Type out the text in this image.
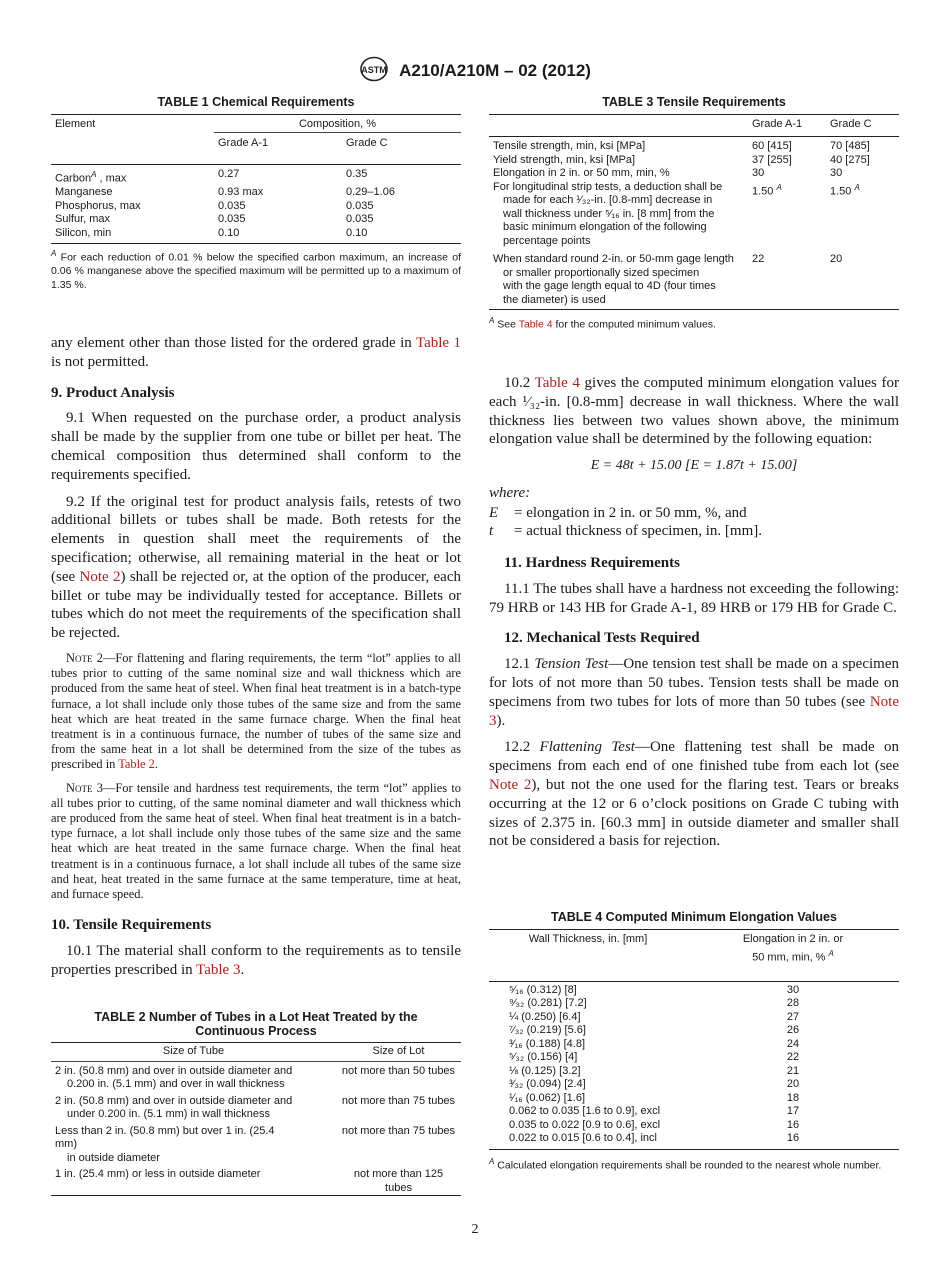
ASTM A210/A210M – 02 (2012)
TABLE 1 Chemical Requirements
Element	Composition, %	
	Grade A-1	Grade C

Carbon$^A$ , max	0.27	0.35
Manganese	0.93 max	0.29–1.06
Phosphorus, max	0.035	0.035
Sulfur, max	0.035	0.035
Silicon, min	0.10	0.10

$^A$ For each reduction of 0.01 % below the specified carbon maximum, an increase of 0.06 % manganese above the specified maximum will be permitted up to a maximum of 1.35 %.

any element other than those listed for the ordered grade in Table 1 is not permitted.

9. Product Analysis

9.1 When requested on the purchase order, a product analysis shall be made by the supplier from one tube or billet per heat. The chemical composition thus determined shall conform to the requirements specified.

9.2 If the original test for product analysis fails, retests of two additional billets or tubes shall be made. Both retests for the elements in question shall meet the requirements of the specification; otherwise, all remaining material in the heat or lot (see Note 2) shall be rejected or, at the option of the producer, each billet or tube may be individually tested for acceptance. Billets or tubes which do not meet the requirements of the specification shall be rejected.

Note 2—For flattening and flaring requirements, the term “lot” applies to all tubes prior to cutting of the same nominal size and wall thickness which are produced from the same heat of steel. When final heat treatment is in a batch-type furnace, a lot shall include only those tubes of the same size and from the same heat which are heat treated in the same furnace charge. When the final heat treatment is in a continuous furnace, the number of tubes of the same size and from the same heat in a lot shall be determined from the size of the tubes as prescribed in Table 2.

Note 3—For tensile and hardness test requirements, the term “lot” applies to all tubes prior to cutting, of the same nominal diameter and wall thickness which are produced from the same heat of steel. When final heat treatment is in a batch-type furnace, a lot shall include only those tubes of the same size and the same heat which are heat treated in the same furnace charge. When the final heat treatment is in a continuous furnace, a lot shall include all tubes of the same size and heat, heat treated in the same furnace at the same temperature, time at heat, and furnace speed.

10. Tensile Requirements

10.1 The material shall conform to the requirements as to tensile properties prescribed in Table 3.

TABLE 2 Number of Tubes in a Lot Heat Treated by the
Continuous Process
Size of Tube	Size of Lot

2 in. (50.8 mm) and over in outside diameter and
0.200 in. (5.1 mm) and over in wall thickness	not more than 50 tubes

2 in. (50.8 mm) and over in outside diameter and
under 0.200 in. (5.1 mm) in wall thickness	not more than 75 tubes

Less than 2 in. (50.8 mm) but over 1 in. (25.4
mm)
in outside diameter	not more than 75 tubes

1 in. (25.4 mm) or less in outside diameter	not more than 125 tubes
TABLE 3 Tensile Requirements
	Grade A-1	Grade C

Tensile strength, min, ksi [MPa]	60 [415]	70 [485]

Yield strength, min, ksi [MPa]	37 [255]	40 [275]

Elongation in 2 in. or 50 mm, min, %	30	30

For longitudinal strip tests, a deduction shall be
made for each ¹⁄₃₂-in. [0.8-mm] decrease in
wall thickness under ⁵⁄₁₆ in. [8 mm] from the
basic minimum elongation of the following
percentage points	1.50 $^A$	1.50 $^A$

When standard round 2-in. or 50-mm gage length
or smaller proportionally sized specimen
with the gage length equal to 4D (four times
the diameter) is used	22	20

$^A$ See Table 4 for the computed minimum values.

10.2 Table 4 gives the computed minimum elongation values for each ¹⁄₃₂-in. [0.8-mm] decrease in wall thickness. Where the wall thickness lies between two values shown above, the minimum elongation value shall be determined by the following equation:

E = 48t + 15.00 [E = 1.87t + 15.00]
where:
E	= elongation in 2 in. or 50 mm, %, and
t	= actual thickness of specimen, in. [mm].
11. Hardness Requirements

11.1 The tubes shall have a hardness not exceeding the following: 79 HRB or 143 HB for Grade A-1, 89 HRB or 179 HB for Grade C.

12. Mechanical Tests Required

12.1 Tension Test—One tension test shall be made on a specimen for lots of not more than 50 tubes. Tension tests shall be made on specimens from two tubes for lots of more than 50 tubes (see Note 3).

12.2 Flattening Test—One flattening test shall be made on specimens from each end of one finished tube from each lot (see Note 2), but not the one used for the flaring test. Tears or breaks occurring at the 12 or 6 o’clock positions on Grade C tubing with sizes of 2.375 in. [60.3 mm] in outside diameter and smaller shall not be considered a basis for rejection.

TABLE 4 Computed Minimum Elongation Values
Wall Thickness, in. [mm]	Elongation in 2 in. or
50 mm, min, % $^A$

⁵⁄₁₆ (0.312) [8]	30
⁹⁄₃₂ (0.281) [7.2]	28
¼ (0.250) [6.4]	27
⁷⁄₃₂ (0.219) [5.6]	26
³⁄₁₆ (0.188) [4.8]	24
⁵⁄₃₂ (0.156) [4]	22
⅛ (0.125) [3.2]	21
³⁄₃₂ (0.094) [2.4]	20
¹⁄₁₆ (0.062) [1.6]	18
0.062 to 0.035 [1.6 to 0.9], excl	17
0.035 to 0.022 [0.9 to 0.6], excl	16
0.022 to 0.015 [0.6 to 0.4], incl	16

$^A$ Calculated elongation requirements shall be rounded to the nearest whole number.
2
